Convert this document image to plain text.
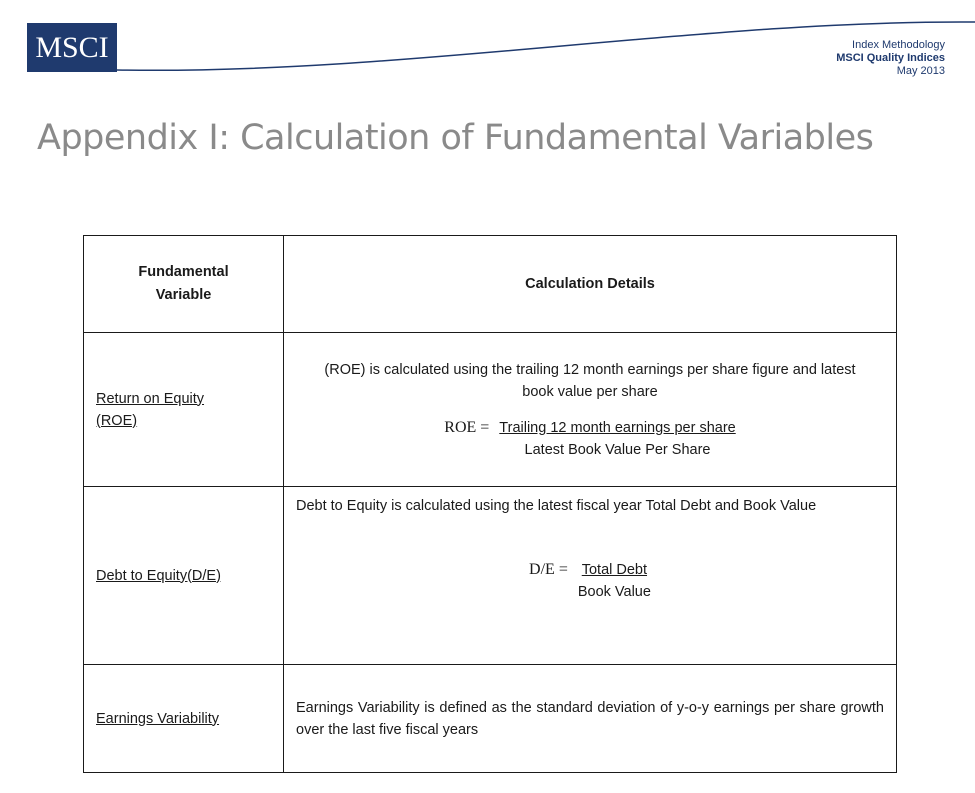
MSCI	Index Methodology
MSCI Quality Indices
May 2013
Appendix I: Calculation of Fundamental Variables
Fundamental Variable	Calculation Details

Return on Equity (ROE)	(ROE) is calculated using the trailing 12 month earnings per share figure and latest book value per share
ROE = $\frac{\text{Trailing 12 month earnings per share}}{\text{Latest Book Value Per Share}}$

Debt to Equity(D/E)	Debt to Equity is calculated using the latest fiscal year Total Debt and Book Value
$D/E = \frac{\text{Total Debt}}{\text{Book Value}}$

Earnings Variability	Earnings Variability is defined as the standard deviation of y-o-y earnings per share growth over the last five fiscal years
